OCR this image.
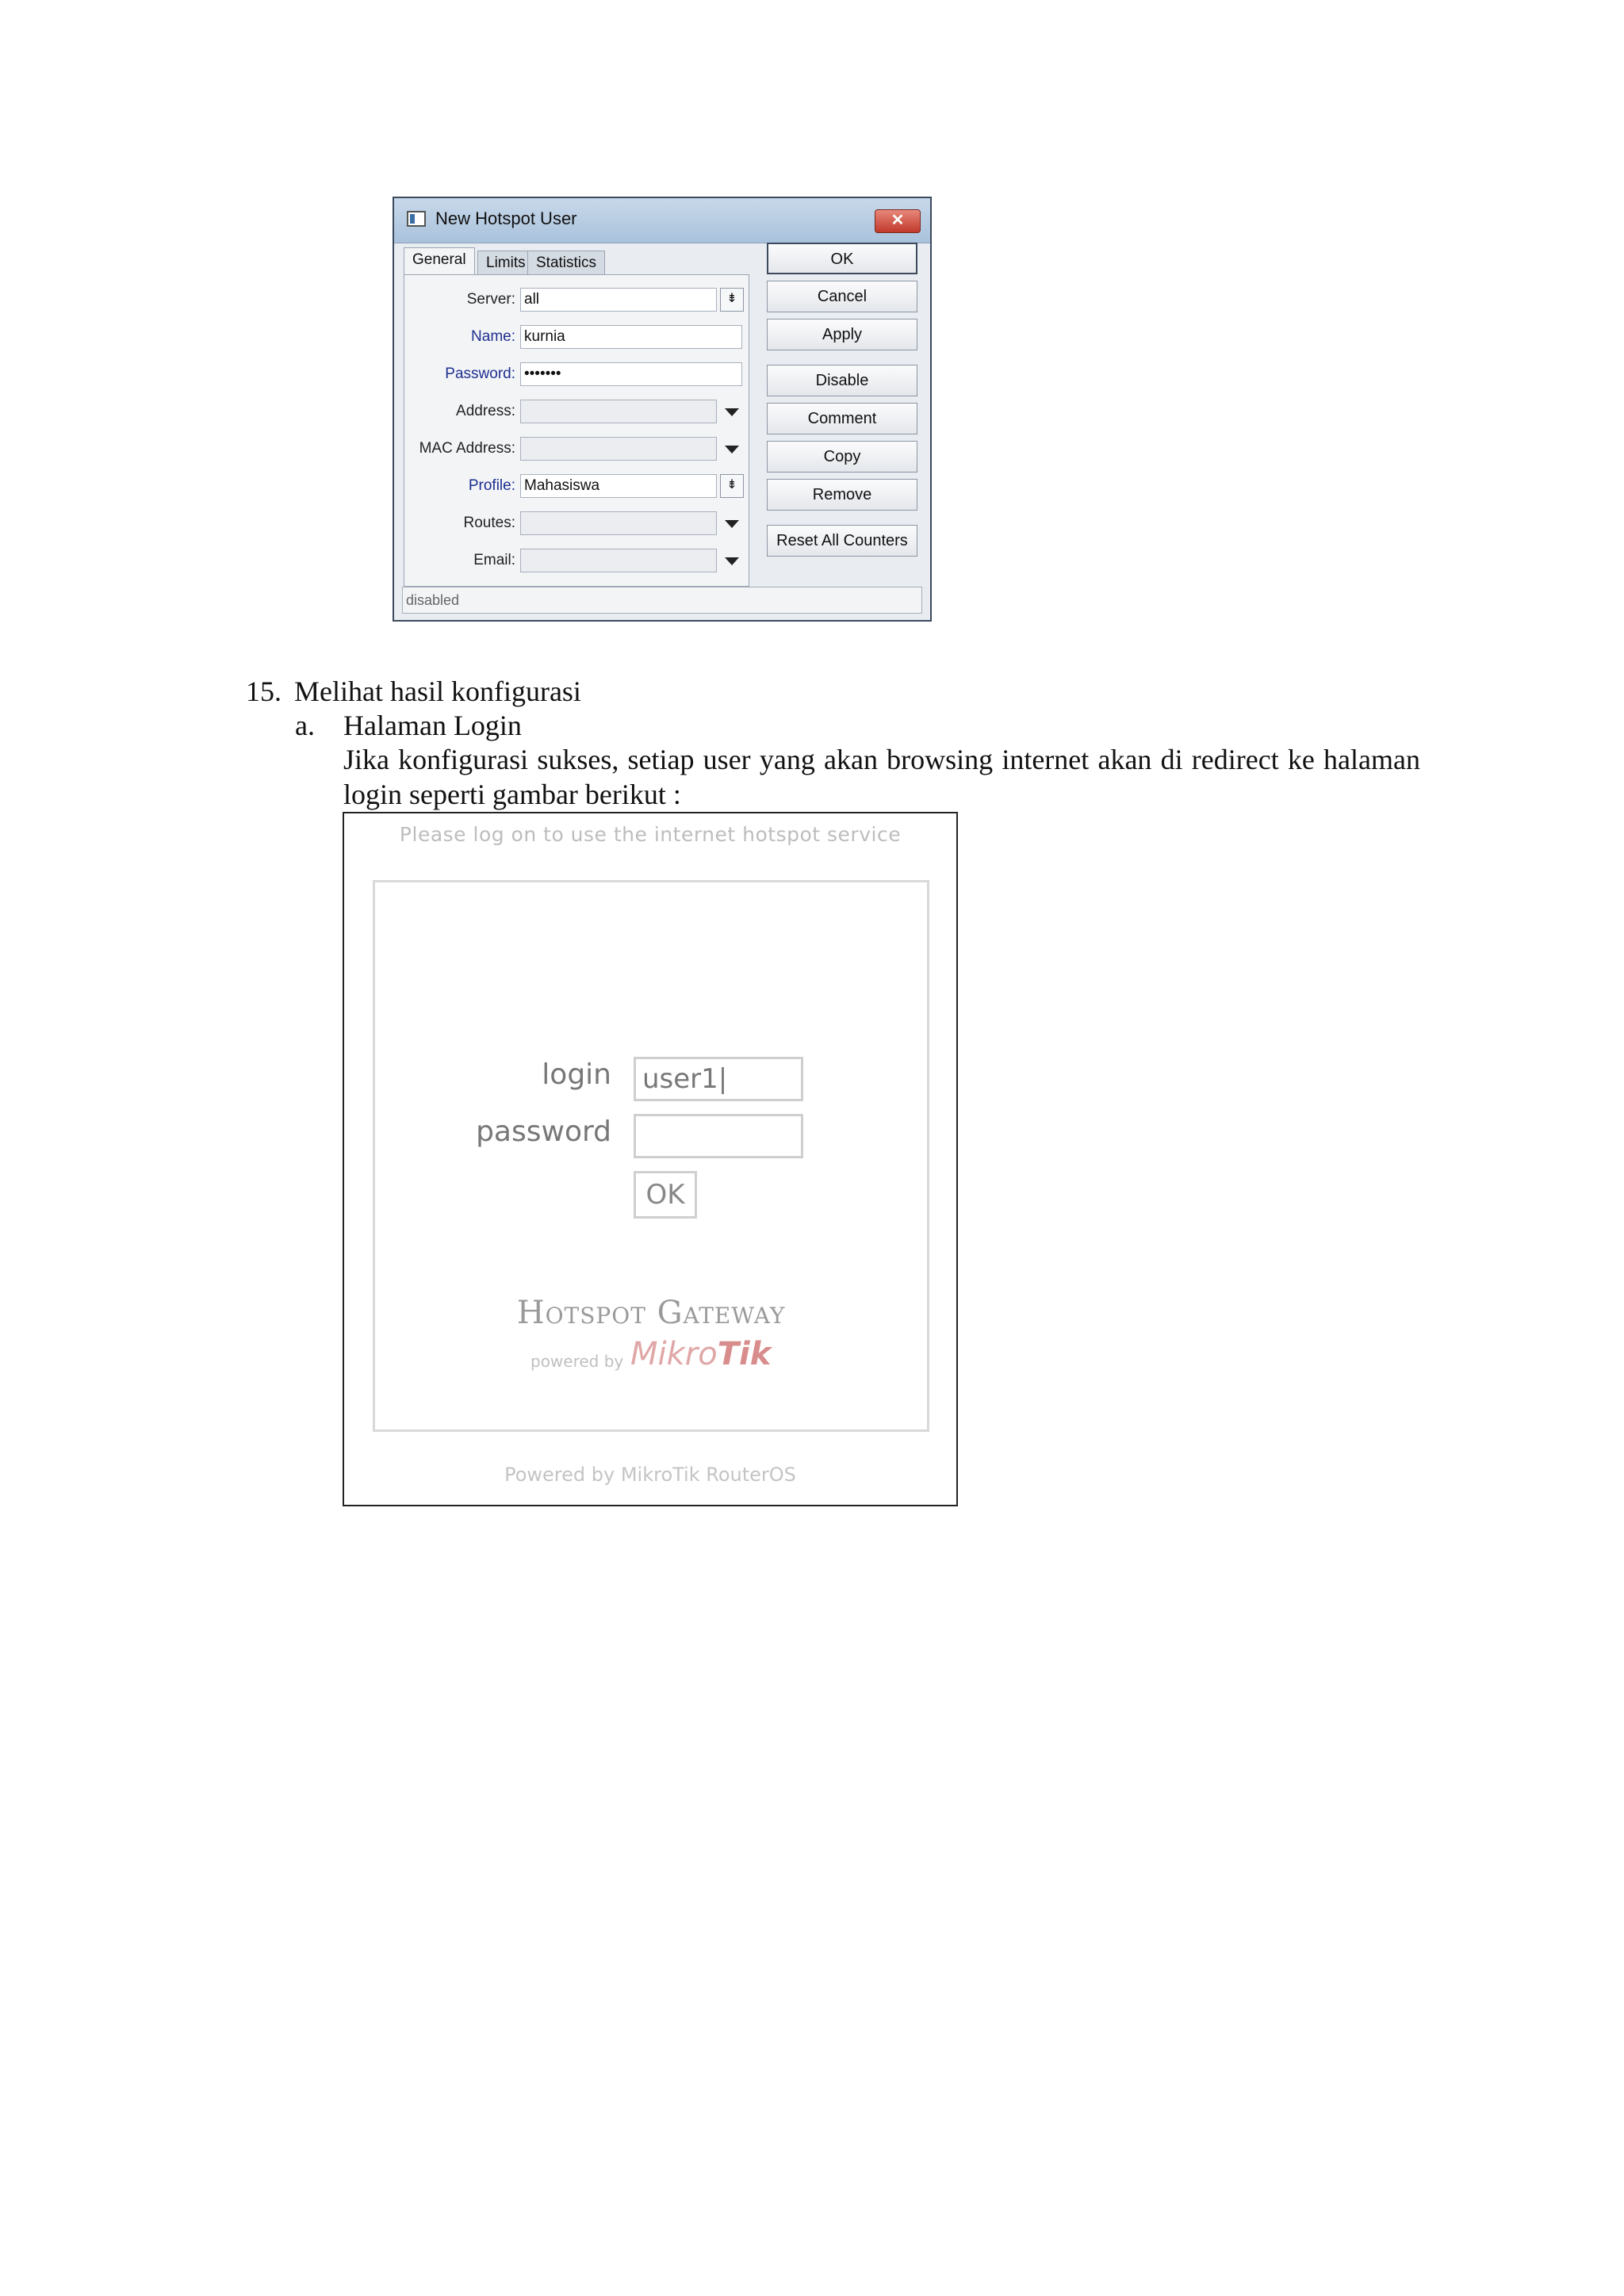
New Hotspot User	✕
General	Limits Statistics
Server: all	⇟
Name: kurnia
Password: •••••••
Address:
MAC Address:
Profile: Mahasiswa	⇟
Routes:
Email:
OK
Cancel
Apply
Disable
Comment
Copy
Remove
Reset All Counters
disabled
15. Melihat hasil konfigurasi
a. Halaman Login
Jika konfigurasi sukses, setiap user yang akan browsing internet akan di redirect ke halaman login seperti gambar berikut :
Please log on to use the internet hotspot service
login	user1|
password
OK
Hotspot Gateway
powered by MikroTik
Powered by MikroTik RouterOS
